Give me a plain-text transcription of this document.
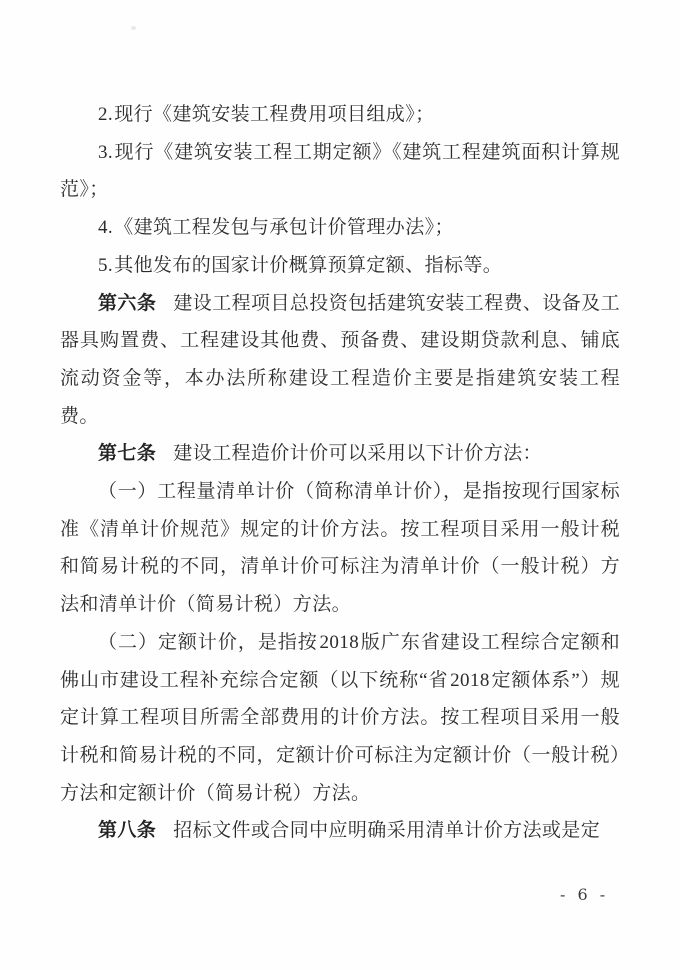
2. 现行《建筑安装工程费用项目组成》；

3. 现行《建筑安装工程工期定额》《建筑工程建筑面积计算规范》；

4. 《建筑工程发包与承包计价管理办法》；

5. 其他发布的国家计价概算预算定额、指标等。

第六条 建设工程项目总投资包括建筑安装工程费、设备及工器具购置费、工程建设其他费、预备费、建设期贷款利息、铺底流动资金等，本办法所称建设工程造价主要是指建筑安装工程费。

第七条 建设工程造价计价可以采用以下计价方法：

（一）工程量清单计价（简称清单计价），是指按现行国家标准《清单计价规范》规定的计价方法。按工程项目采用一般计税和简易计税的不同，清单计价可标注为清单计价（一般计税）方法和清单计价（简易计税）方法。

（二）定额计价，是指按 2018 版广东省建设工程综合定额和佛山市建设工程补充综合定额（以下统称“省 2018 定额体系”）规定计算工程项目所需全部费用的计价方法。按工程项目采用一般计税和简易计税的不同，定额计价可标注为定额计价（一般计税）方法和定额计价（简易计税）方法。

第八条 招标文件或合同中应明确采用清单计价方法或是定

- 6 -
